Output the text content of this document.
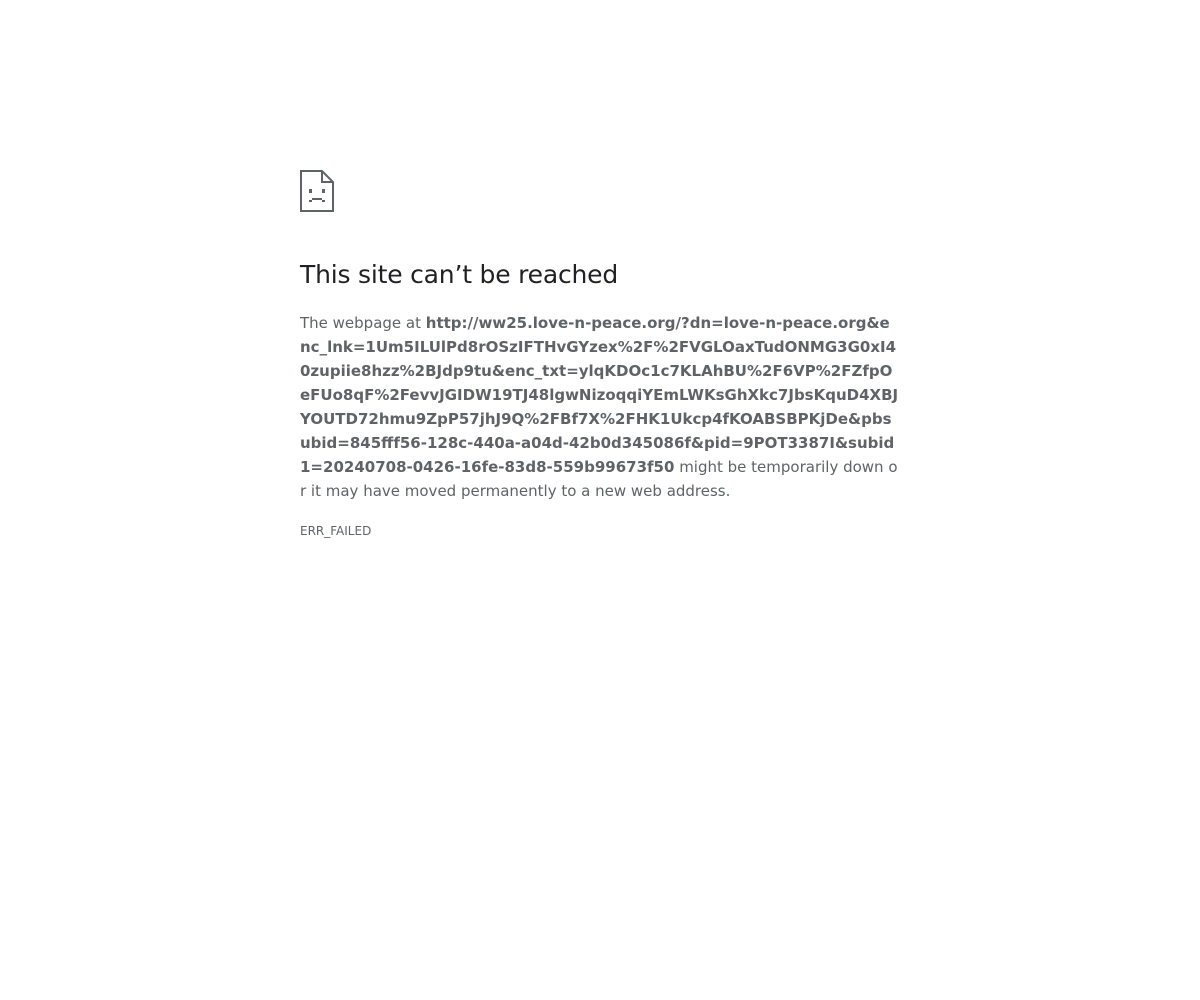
This site can’t be reached

The webpage at http://ww25.love-n-peace.org/?dn=love-n-peace.org&enc_lnk=1Um5ILUlPd8rOSzIFTHvGYzex%2F%2FVGLOaxTudONMG3G0xI40zupiie8hzz%2BJdp9tu&enc_txt=ylqKDOc1c7KLAhBU%2F6VP%2FZfpOeFUo8qF%2FevvJGIDW19TJ48lgwNizoqqiYEmLWKsGhXkc7JbsKquD4XBJYOUTD72hmu9ZpP57jhJ9Q%2FBf7X%2FHK1Ukcp4fKOABSBPKjDe&pbsubid=845fff56-128c-440a-a04d-42b0d345086f&pid=9POT3387I&subid1=20240708-0426-16fe-83d8-559b99673f50 might be temporarily down or it may have moved permanently to a new web address.

ERR_FAILED
